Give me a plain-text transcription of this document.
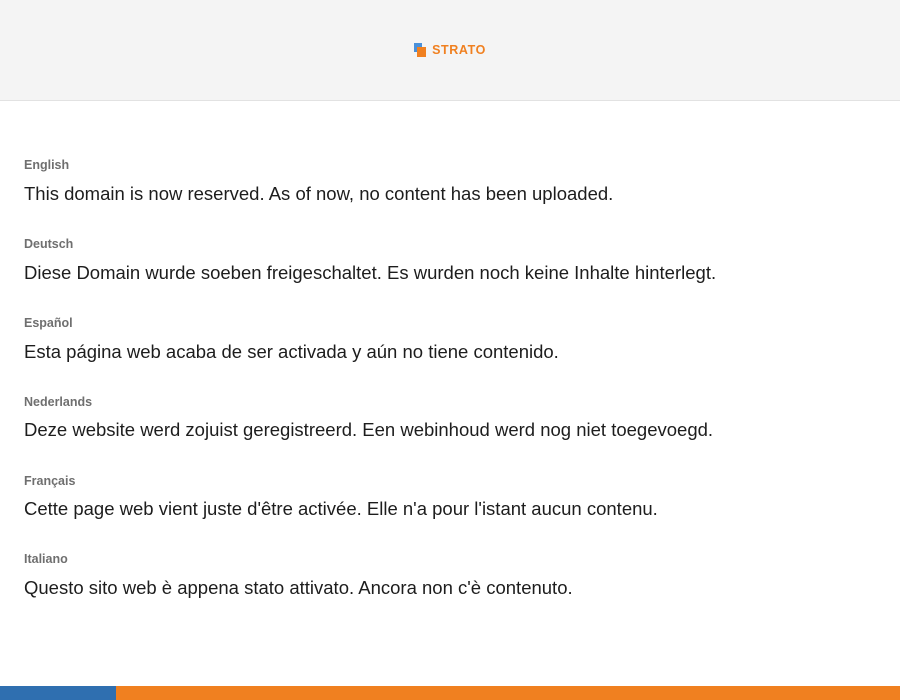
STRATO

English

This domain is now reserved. As of now, no content has been uploaded.

Deutsch

Diese Domain wurde soeben freigeschaltet. Es wurden noch keine Inhalte hinterlegt.

Español

Esta página web acaba de ser activada y aún no tiene contenido.

Nederlands

Deze website werd zojuist geregistreerd. Een webinhoud werd nog niet toegevoegd.

Français

Cette page web vient juste d'être activée. Elle n'a pour l'istant aucun contenu.

Italiano

Questo sito web è appena stato attivato. Ancora non c'è contenuto.
